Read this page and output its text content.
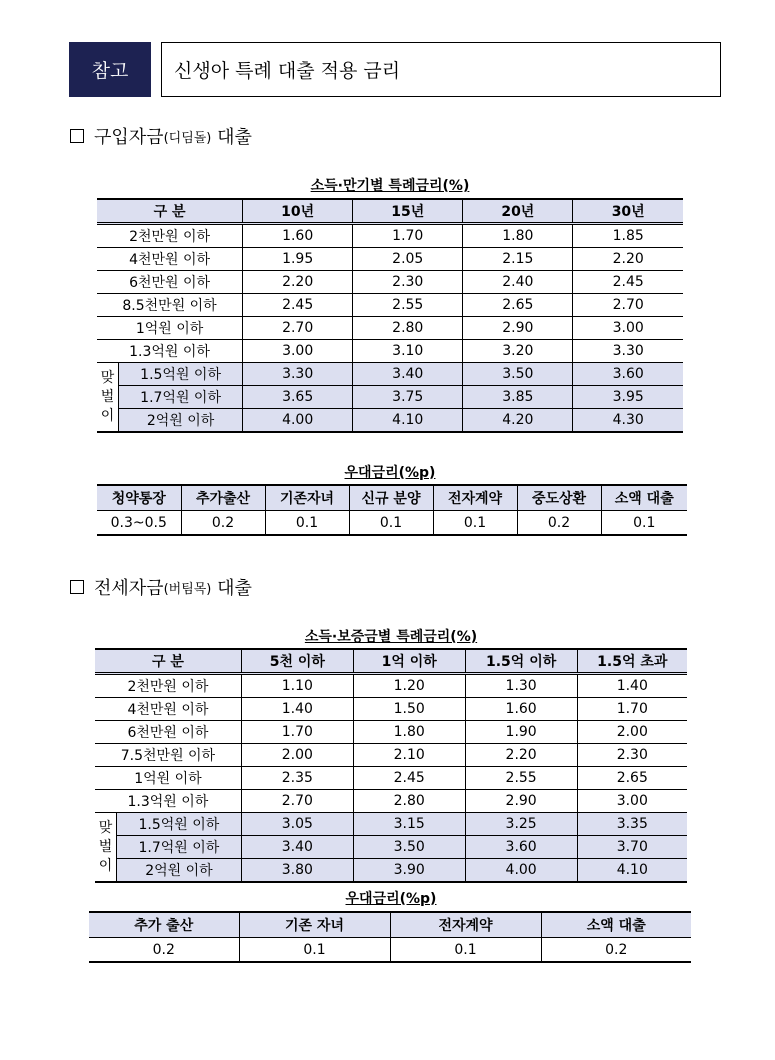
참고	신생아 특례 대출 적용 금리
구입자금 (디딤돌) 대출
소득·만기별 특례금리(%)
구 분		10년	15년	20년	30년
2천만원 이하		1.60	1.70	1.80	1.85
4천만원 이하		1.95	2.05	2.15	2.20
6천만원 이하		2.20	2.30	2.40	2.45
8.5천만원 이하		2.45	2.55	2.65	2.70
1억원 이하		2.70	2.80	2.90	3.00
1.3억원 이하		3.00	3.10	3.20	3.30

맞
벌
이	1.5억원 이하	3.30	3.40	3.50	3.60
	1.7억원 이하	3.65	3.75	3.85	3.95
	2억원 이하	4.00	4.10	4.20	4.30
우대금리(%p)
청약통장	추가출산	기존자녀	신규 분양	전자계약	중도상환	소액 대출
0.3~0.5	0.2	0.1	0.1	0.1	0.2	0.1
전세자금 (버팀목) 대출
소득·보증금별 특례금리(%)
구 분		5천 이하	1억 이하	1.5억 이하	1.5억 초과
2천만원 이하		1.10	1.20	1.30	1.40
4천만원 이하		1.40	1.50	1.60	1.70
6천만원 이하		1.70	1.80	1.90	2.00
7.5천만원 이하		2.00	2.10	2.20	2.30
1억원 이하		2.35	2.45	2.55	2.65
1.3억원 이하		2.70	2.80	2.90	3.00

맞
벌
이	1.5억원 이하	3.05	3.15	3.25	3.35
	1.7억원 이하	3.40	3.50	3.60	3.70
	2억원 이하	3.80	3.90	4.00	4.10
우대금리(%p)
추가 출산	기존 자녀	전자계약	소액 대출
0.2	0.1	0.1	0.2
